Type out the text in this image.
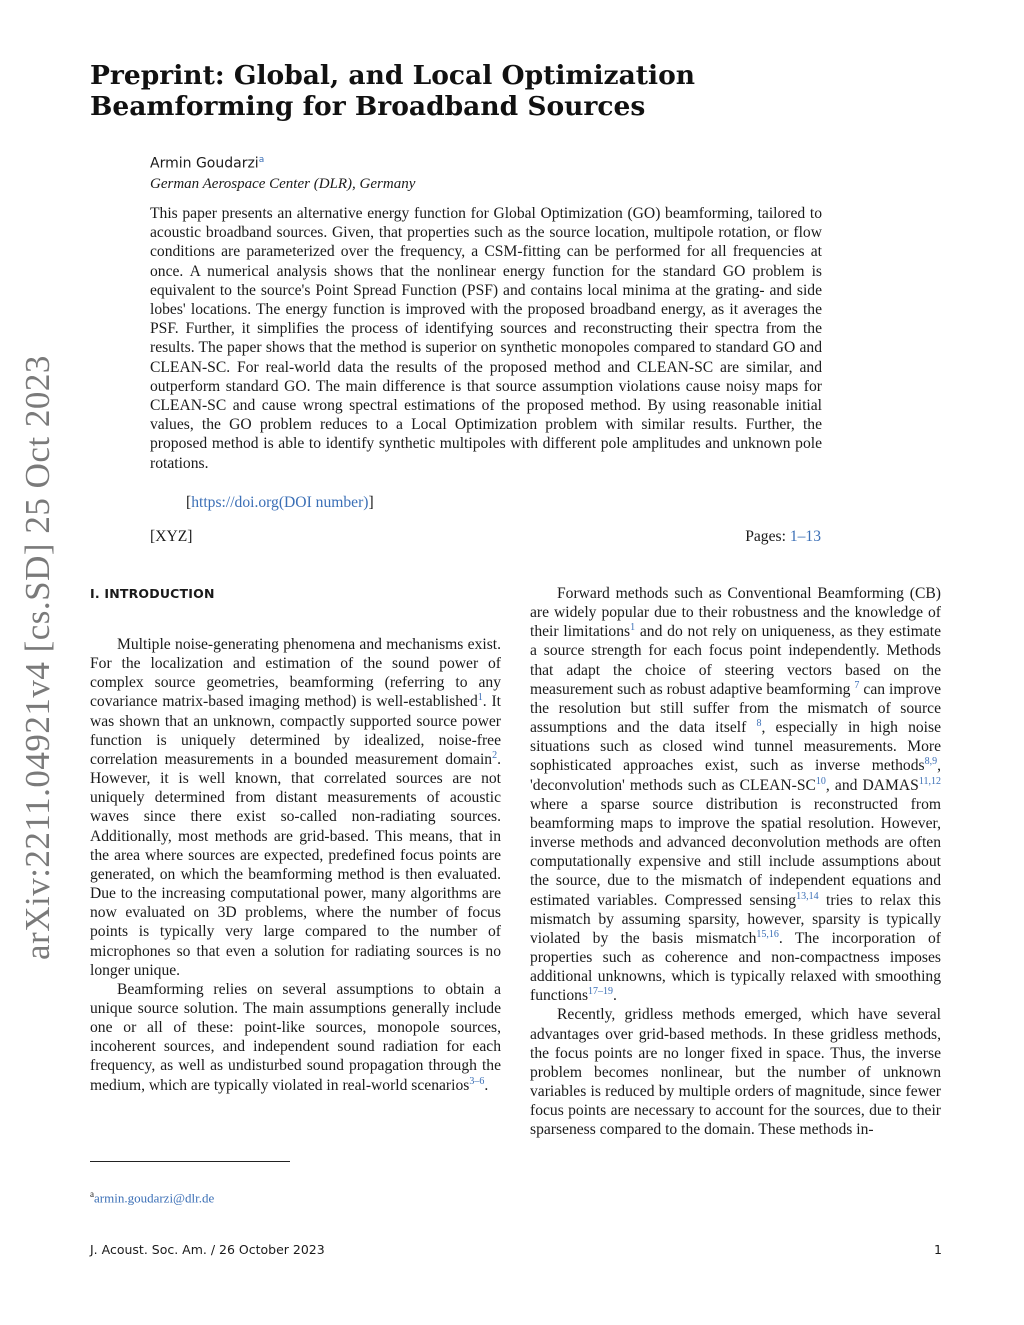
arXiv:2211.04921v4 [cs.SD] 25 Oct 2023
Preprint: Global, and Local Optimization
Beamforming for Broadband Sources
Armin Goudarzi$^a$
German Aerospace Center (DLR), Germany

This paper presents an alternative energy function for Global Optimization (GO) beamforming, tailored to acoustic broadband sources. Given, that properties such as the source location, multipole rotation, or flow conditions are parameterized over the frequency, a CSM-fitting can be performed for all frequencies at once. A numerical analysis shows that the nonlinear energy function for the standard GO problem is equivalent to the source's Point Spread Function (PSF) and contains local minima at the grating- and side lobes' locations. The energy function is improved with the proposed broadband energy, as it averages the PSF. Further, it simplifies the process of identifying sources and reconstructing their spectra from the results. The paper shows that the method is superior on synthetic monopoles compared to standard GO and CLEAN-SC. For real-world data the results of the proposed method and CLEAN-SC are similar, and outperform standard GO. The main difference is that source assumption violations cause noisy maps for CLEAN-SC and cause wrong spectral estimations of the proposed method. By using reasonable initial values, the GO problem reduces to a Local Optimization problem with similar results. Further, the proposed method is able to identify synthetic multipoles with different pole amplitudes and unknown pole rotations.

[https://doi.org(DOI number)]
[XYZ]	Pages: 1–13
I. INTRODUCTION

Multiple noise-generating phenomena and mechanisms exist. For the localization and estimation of the sound power of complex source geometries, beamforming (referring to any covariance matrix-based imaging method) is well-established$^1$. It was shown that an unknown, compactly supported source power function is uniquely determined by idealized, noise-free correlation measurements in a bounded measurement domain$^2$. However, it is well known, that correlated sources are not uniquely determined from distant measurements of acoustic waves since there exist so-called non-radiating sources. Additionally, most methods are grid-based. This means, that in the area where sources are expected, predefined focus points are generated, on which the beamforming method is then evaluated. Due to the increasing computational power, many algorithms are now evaluated on 3D problems, where the number of focus points is typically very large compared to the number of microphones so that even a solution for radiating sources is no longer unique.

Beamforming relies on several assumptions to obtain a unique source solution. The main assumptions generally include one or all of these: point-like sources, monopole sources, incoherent sources, and independent sound radiation for each frequency, as well as undisturbed sound propagation through the medium, which are typically violated in real-world scenarios$^{3-6}$.

Forward methods such as Conventional Beamforming (CB) are widely popular due to their robustness and the knowledge of their limitations$^1$ and do not rely on uniqueness, as they estimate a source strength for each focus point independently. Methods that adapt the choice of steering vectors based on the measurement such as robust adaptive beamforming $^7$ can improve the resolution but still suffer from the mismatch of source assumptions and the data itself $^8$, especially in high noise situations such as closed wind tunnel measurements. More sophisticated approaches exist, such as inverse methods$^{8,9}$, 'deconvolution' methods such as CLEAN-SC$^{10}$, and DAMAS$^{11,12}$ where a sparse source distribution is reconstructed from beamforming maps to improve the spatial resolution. However, inverse methods and advanced deconvolution methods are often computationally expensive and still include assumptions about the source, due to the mismatch of independent equations and estimated variables. Compressed sensing$^{13,14}$ tries to relax this mismatch by assuming sparsity, however, sparsity is typically violated by the basis mismatch$^{15,16}$. The incorporation of properties such as coherence and non-compactness imposes additional unknowns, which is typically relaxed with smoothing functions$^{17-19}$.

Recently, gridless methods emerged, which have several advantages over grid-based methods. In these gridless methods, the focus points are no longer fixed in space. Thus, the inverse problem becomes nonlinear, but the number of unknown variables is reduced by multiple orders of magnitude, since fewer focus points are necessary to account for the sources, due to their sparseness compared to the domain. These methods in-

$^a$armin.goudarzi@dlr.de
J. Acoust. Soc. Am. / 26 October 2023	1
